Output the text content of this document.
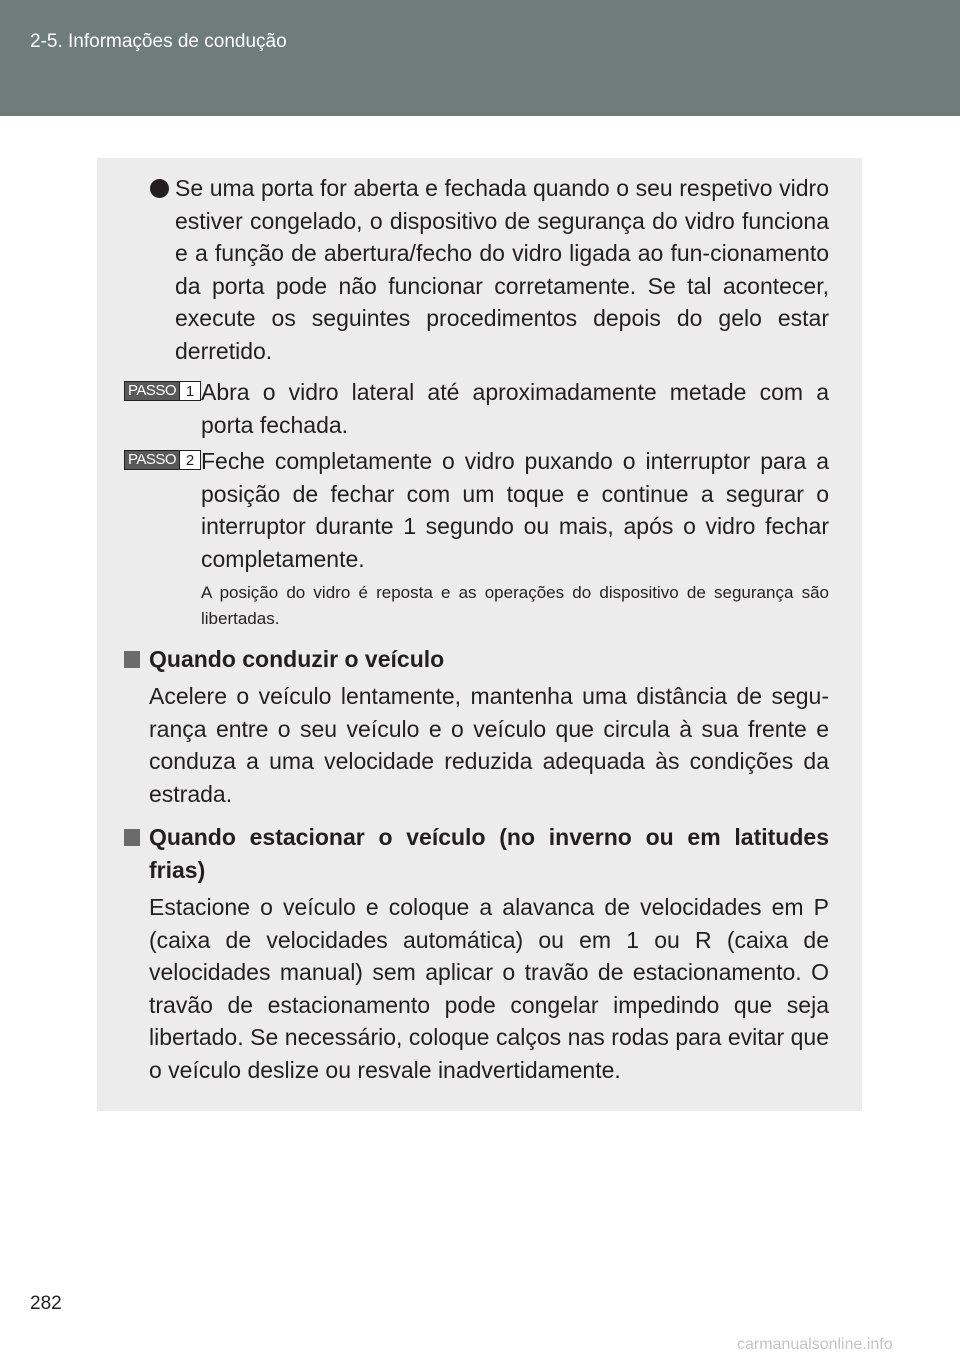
2-5. Informações de condução

Se uma porta for aberta e fechada quando o seu respetivo vidro estiver congelado, o dispositivo de segurança do vidro funciona e a função de abertura/fecho do vidro ligada ao fun-cionamento da porta pode não funcionar corretamente. Se tal acontecer, execute os seguintes procedimentos depois do gelo estar derretido.

PASSO 1 Abra o vidro lateral até aproximadamente metade com a porta fechada.

PASSO 2 Feche completamente o vidro puxando o interruptor para a posição de fechar com um toque e continue a segurar o interruptor durante 1 segundo ou mais, após o vidro fechar completamente.

A posição do vidro é reposta e as operações do dispositivo de segurança são libertadas.

Quando conduzir o veículo

Acelere o veículo lentamente, mantenha uma distância de segu-rança entre o seu veículo e o veículo que circula à sua frente e conduza a uma velocidade reduzida adequada às condições da estrada.

Quando estacionar o veículo (no inverno ou em latitudes frias)

Estacione o veículo e coloque a alavanca de velocidades em P (caixa de velocidades automática) ou em 1 ou R (caixa de velocidades manual) sem aplicar o travão de estacionamento. O travão de estacionamento pode congelar impedindo que seja libertado. Se necessário, coloque calços nas rodas para evitar que o veículo deslize ou resvale inadvertidamente.

282
carmanualsonline.info
